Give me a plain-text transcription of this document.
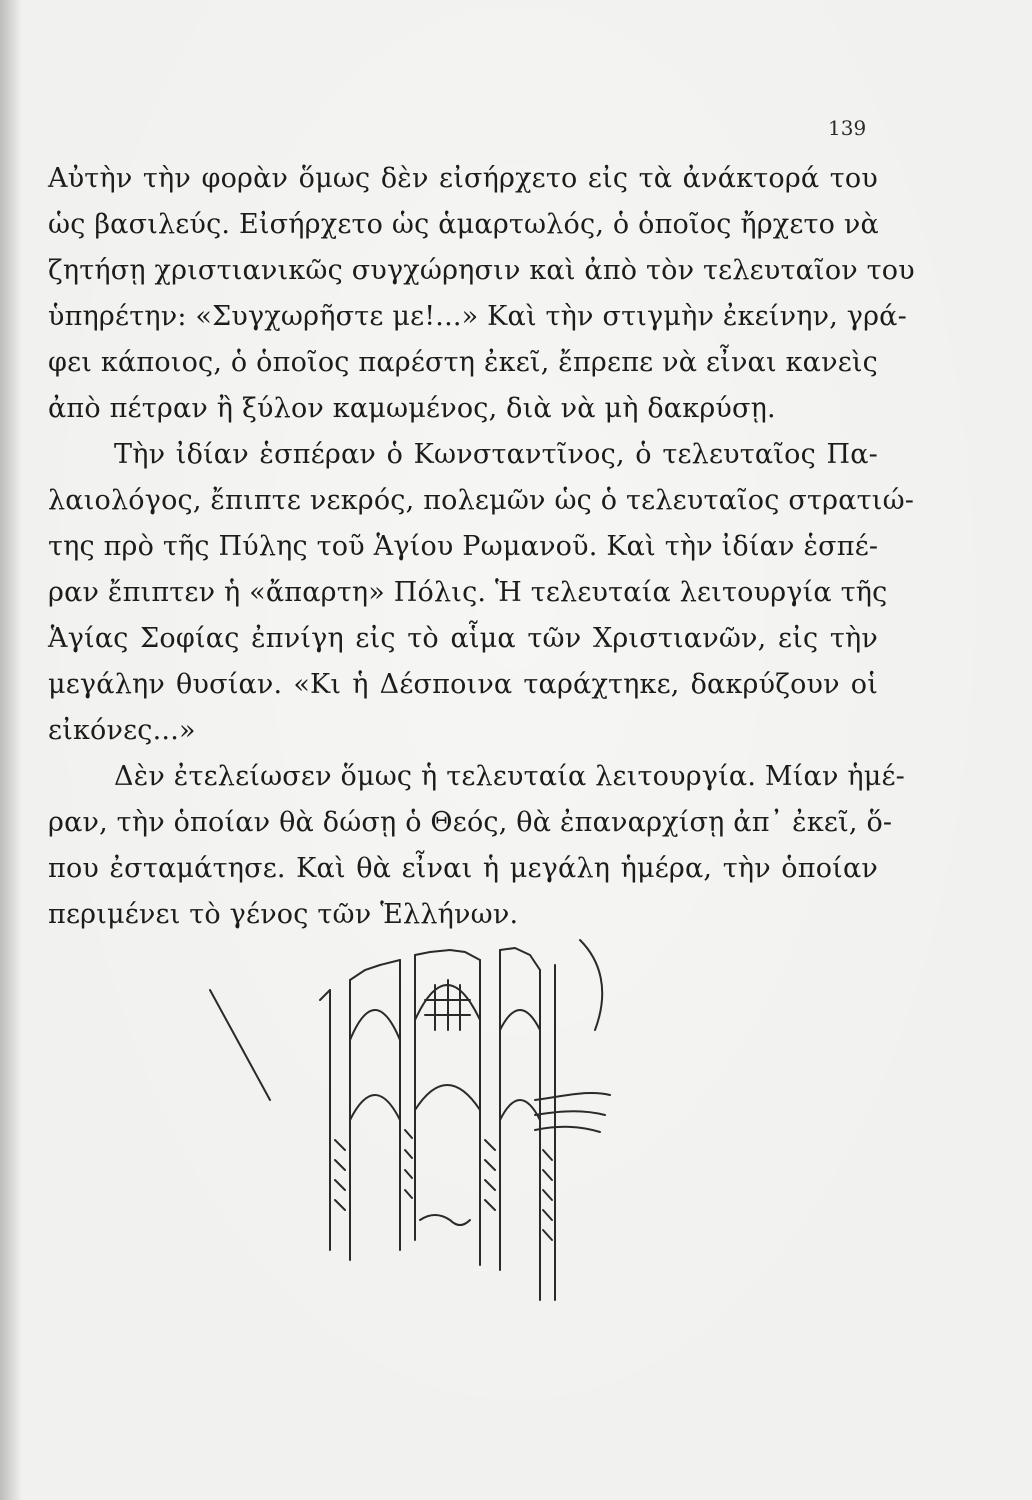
139
Αὐτὴν τὴν φορὰν ὅμως δὲν εἰσήρχετο εἰς τὰ ἀνάκτορά του
ὡς βασιλεύς. Εἰσήρχετο ὡς ἁμαρτωλός, ὁ ὁποῖος ἤρχετο νὰ
ζητήσῃ χριστιανικῶς συγχώρησιν καὶ ἀπὸ τὸν τελευταῖον του
ὑπηρέτην: «Συγχωρῆστε με!...» Καὶ τὴν στιγμὴν ἐκείνην, γρά-
φει κάποιος, ὁ ὁποῖος παρέστη ἐκεῖ, ἔπρεπε νὰ εἶναι κανεὶς
ἀπὸ πέτραν ἢ ξύλον καμωμένος, διὰ νὰ μὴ δακρύσῃ.
Τὴν ἰδίαν ἑσπέραν ὁ Κωνσταντῖνος, ὁ τελευταῖος Πα-
λαιολόγος, ἔπιπτε νεκρός, πολεμῶν ὡς ὁ τελευταῖος στρατιώ-
της πρὸ τῆς Πύλης τοῦ Ἁγίου Ρωμανοῦ. Καὶ τὴν ἰδίαν ἑσπέ-
ραν ἔπιπτεν ἡ «ἄπαρτη» Πόλις. Ἡ τελευταία λειτουργία τῆς
Ἁγίας Σοφίας ἐπνίγη εἰς τὸ αἷμα τῶν Χριστιανῶν, εἰς τὴν
μεγάλην θυσίαν. «Κι ἡ Δέσποινα ταράχτηκε, δακρύζουν οἱ
εἰκόνες...»
Δὲν ἐτελείωσεν ὅμως ἡ τελευταία λειτουργία. Μίαν ἡμέ-
ραν, τὴν ὁποίαν θὰ δώσῃ ὁ Θεός, θὰ ἐπαναρχίσῃ ἀπ᾿ ἐκεῖ, ὅ-
που ἐσταμάτησε. Καὶ θὰ εἶναι ἡ μεγάλη ἡμέρα, τὴν ὁποίαν
περιμένει τὸ γένος τῶν Ἑλλήνων.
